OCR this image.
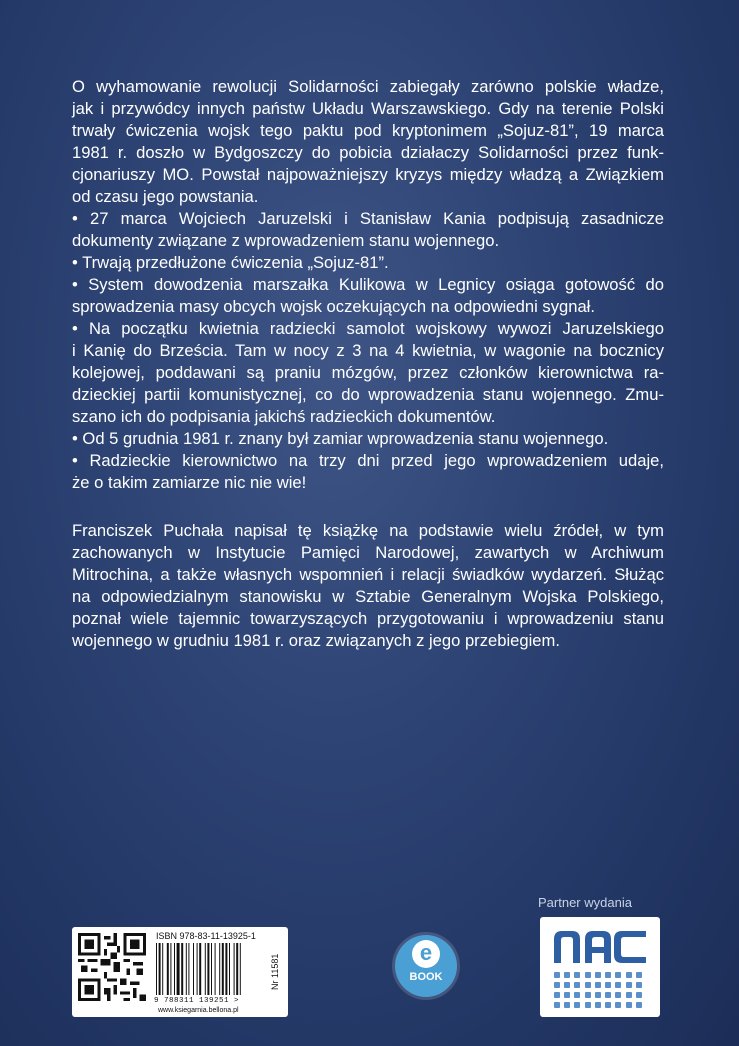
O wyhamowanie rewolucji Solidarności zabiegały zarówno polskie władze,
jak i przywódcy innych państw Układu Warszawskiego. Gdy na terenie Polski
trwały ćwiczenia wojsk tego paktu pod kryptonimem „Sojuz-81”, 19 marca
1981 r. doszło w Bydgoszczy do pobicia działaczy Solidarności przez funk-
cjonariuszy MO. Powstał najpoważniejszy kryzys między władzą a Związkiem
od czasu jego powstania.
• 27 marca Wojciech Jaruzelski i Stanisław Kania podpisują zasadnicze
dokumenty związane z wprowadzeniem stanu wojennego.
• Trwają przedłużone ćwiczenia „Sojuz-81”.
• System dowodzenia marszałka Kulikowa w Legnicy osiąga gotowość do
sprowadzenia masy obcych wojsk oczekujących na odpowiedni sygnał.
• Na początku kwietnia radziecki samolot wojskowy wywozi Jaruzelskiego
i Kanię do Brześcia. Tam w nocy z 3 na 4 kwietnia, w wagonie na bocznicy
kolejowej, poddawani są praniu mózgów, przez członków kierownictwa ra-
dzieckiej partii komunistycznej, co do wprowadzenia stanu wojennego. Zmu-
szano ich do podpisania jakichś radzieckich dokumentów.
• Od 5 grudnia 1981 r. znany był zamiar wprowadzenia stanu wojennego.
• Radzieckie kierownictwo na trzy dni przed jego wprowadzeniem udaje,
że o takim zamiarze nic nie wie!
Franciszek Puchała napisał tę książkę na podstawie wielu źródeł, w tym
zachowanych w Instytucie Pamięci Narodowej, zawartych w Archiwum
Mitrochina, a także własnych wspomnień i relacji świadków wydarzeń. Służąc
na odpowiedzialnym stanowisku w Sztabie Generalnym Wojska Polskiego,
poznał wiele tajemnic towarzyszących przygotowaniu i wprowadzeniu stanu
wojennego w grudniu 1981 r. oraz związanych z jego przebiegiem.
ISBN 978-83-11-13925-1
9 788311 139251 >
www.ksiegarnia.bellona.pl
Nr 11581
e
BOOK
Partner wydania
